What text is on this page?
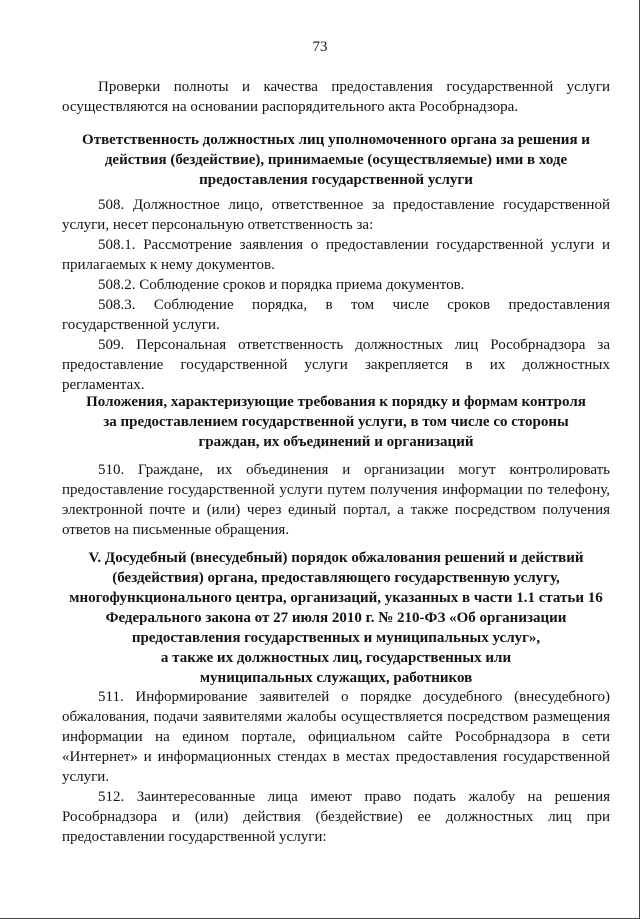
73

Проверки полноты и качества предоставления государственной услуги осуществляются на основании распорядительного акта Рособрнадзора.

Ответственность должностных лиц уполномоченного органа за решения и
действия (бездействие), принимаемые (осуществляемые) ими в ходе
предоставления государственной услуги

508. Должностное лицо, ответственное за предоставление государственной услуги, несет персональную ответственность за:

508.1. Рассмотрение заявления о предоставлении государственной услуги и прилагаемых к нему документов.

508.2. Соблюдение сроков и порядка приема документов.

508.3. Соблюдение порядка, в том числе сроков предоставления государственной услуги.

509. Персональная ответственность должностных лиц Рособрнадзора за предоставление государственной услуги закрепляется в их должностных регламентах.

Положения, характеризующие требования к порядку и формам контроля
за предоставлением государственной услуги, в том числе со стороны
граждан, их объединений и организаций

510. Граждане, их объединения и организации могут контролировать предоставление государственной услуги путем получения информации по телефону, электронной почте и (или) через единый портал, а также посредством получения ответов на письменные обращения.

V. Досудебный (внесудебный) порядок обжалования решений и действий
(бездействия) органа, предоставляющего государственную услугу,
многофункционального центра, организаций, указанных в части 1.1 статьи 16
Федерального закона от 27 июля 2010 г. № 210-ФЗ «Об организации
предоставления государственных и муниципальных услуг»,
а также их должностных лиц, государственных или
муниципальных служащих, работников

511. Информирование заявителей о порядке досудебного (внесудебного) обжалования, подачи заявителями жалобы осуществляется посредством размещения информации на едином портале, официальном сайте Рособрнадзора в сети «Интернет» и информационных стендах в местах предоставления государственной услуги.

512. Заинтересованные лица имеют право подать жалобу на решения Рособрнадзора и (или) действия (бездействие) ее должностных лиц при предоставлении государственной услуги:
